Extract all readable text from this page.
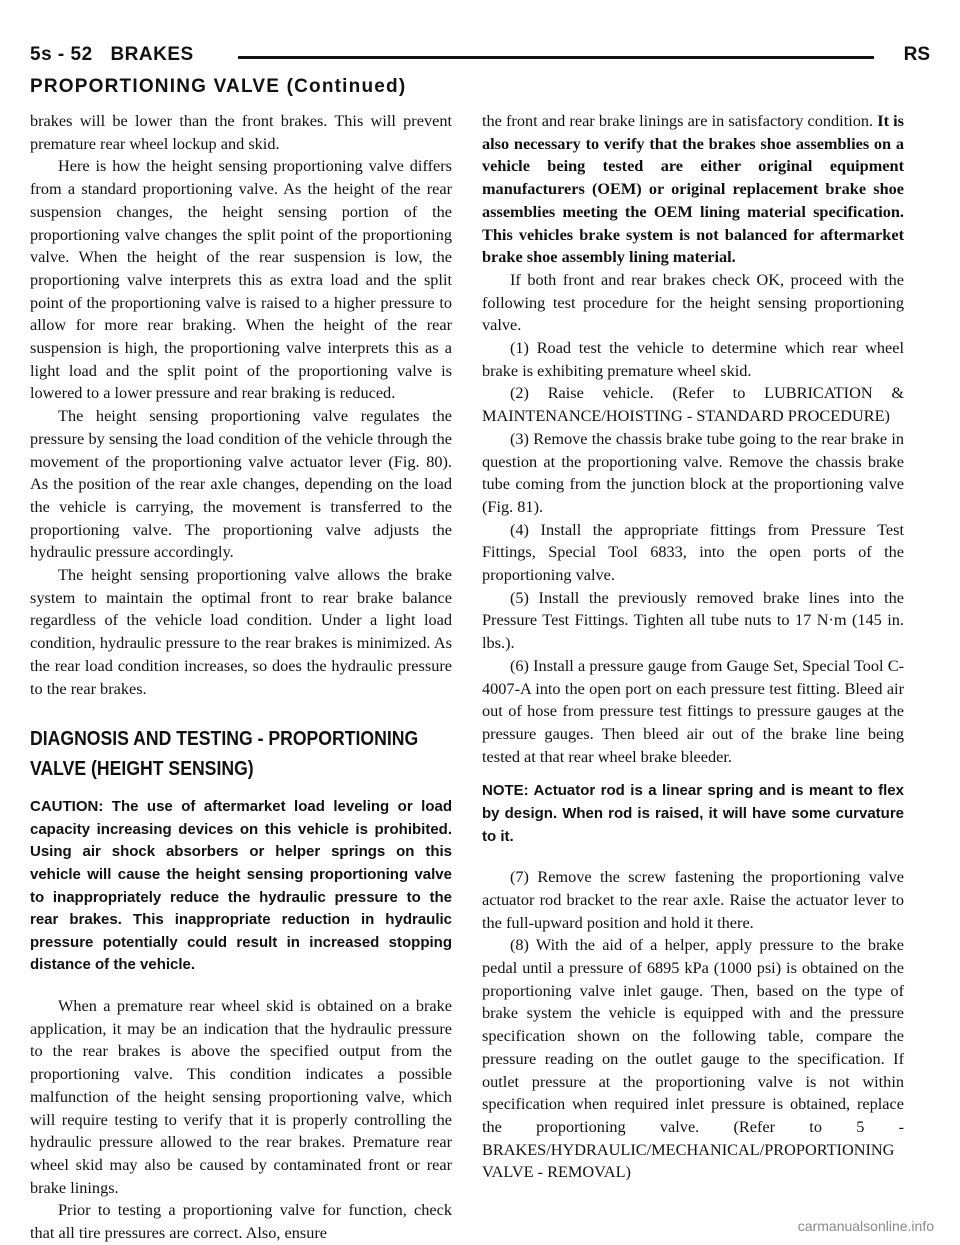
5s - 52 BRAKES	RS
PROPORTIONING VALVE (Continued)

brakes will be lower than the front brakes. This will prevent premature rear wheel lockup and skid.

Here is how the height sensing proportioning valve differs from a standard proportioning valve. As the height of the rear suspension changes, the height sensing portion of the proportioning valve changes the split point of the proportioning valve. When the height of the rear suspension is low, the proportioning valve interprets this as extra load and the split point of the proportioning valve is raised to a higher pressure to allow for more rear braking. When the height of the rear suspension is high, the proportioning valve interprets this as a light load and the split point of the proportioning valve is lowered to a lower pressure and rear braking is reduced.

The height sensing proportioning valve regulates the pressure by sensing the load condition of the vehicle through the movement of the proportioning valve actuator lever (Fig. 80). As the position of the rear axle changes, depending on the load the vehicle is carrying, the movement is transferred to the proportioning valve. The proportioning valve adjusts the hydraulic pressure accordingly.

The height sensing proportioning valve allows the brake system to maintain the optimal front to rear brake balance regardless of the vehicle load condition. Under a light load condition, hydraulic pressure to the rear brakes is minimized. As the rear load condition increases, so does the hydraulic pressure to the rear brakes.

DIAGNOSIS AND TESTING - PROPORTIONING
VALVE (HEIGHT SENSING)

CAUTION: The use of aftermarket load leveling or load capacity increasing devices on this vehicle is prohibited. Using air shock absorbers or helper springs on this vehicle will cause the height sensing proportioning valve to inappropriately reduce the hydraulic pressure to the rear brakes. This inappropriate reduction in hydraulic pressure potentially could result in increased stopping distance of the vehicle.

When a premature rear wheel skid is obtained on a brake application, it may be an indication that the hydraulic pressure to the rear brakes is above the specified output from the proportioning valve. This condition indicates a possible malfunction of the height sensing proportioning valve, which will require testing to verify that it is properly controlling the hydraulic pressure allowed to the rear brakes. Premature rear wheel skid may also be caused by contaminated front or rear brake linings.

Prior to testing a proportioning valve for function, check that all tire pressures are correct. Also, ensure

the front and rear brake linings are in satisfactory condition. It is also necessary to verify that the brakes shoe assemblies on a vehicle being tested are either original equipment manufacturers (OEM) or original replacement brake shoe assemblies meeting the OEM lining material specification. This vehicles brake system is not balanced for aftermarket brake shoe assembly lining material.

If both front and rear brakes check OK, proceed with the following test procedure for the height sensing proportioning valve.

(1) Road test the vehicle to determine which rear wheel brake is exhibiting premature wheel skid.

(2) Raise vehicle. (Refer to LUBRICATION & MAINTENANCE/HOISTING - STANDARD PROCEDURE)

(3) Remove the chassis brake tube going to the rear brake in question at the proportioning valve. Remove the chassis brake tube coming from the junction block at the proportioning valve (Fig. 81).

(4) Install the appropriate fittings from Pressure Test Fittings, Special Tool 6833, into the open ports of the proportioning valve.

(5) Install the previously removed brake lines into the Pressure Test Fittings. Tighten all tube nuts to 17 N·m (145 in. lbs.).

(6) Install a pressure gauge from Gauge Set, Special Tool C-4007-A into the open port on each pressure test fitting. Bleed air out of hose from pressure test fittings to pressure gauges at the pressure gauges. Then bleed air out of the brake line being tested at that rear wheel brake bleeder.

NOTE: Actuator rod is a linear spring and is meant to flex by design. When rod is raised, it will have some curvature to it.

(7) Remove the screw fastening the proportioning valve actuator rod bracket to the rear axle. Raise the actuator lever to the full-upward position and hold it there.

(8) With the aid of a helper, apply pressure to the brake pedal until a pressure of 6895 kPa (1000 psi) is obtained on the proportioning valve inlet gauge. Then, based on the type of brake system the vehicle is equipped with and the pressure specification shown on the following table, compare the pressure reading on the outlet gauge to the specification. If outlet pressure at the proportioning valve is not within specification when required inlet pressure is obtained, replace the proportioning valve. (Refer to 5 - BRAKES/HYDRAULIC/MECHANICAL/PROPORTIONING VALVE - REMOVAL)

carmanualsonline.info
